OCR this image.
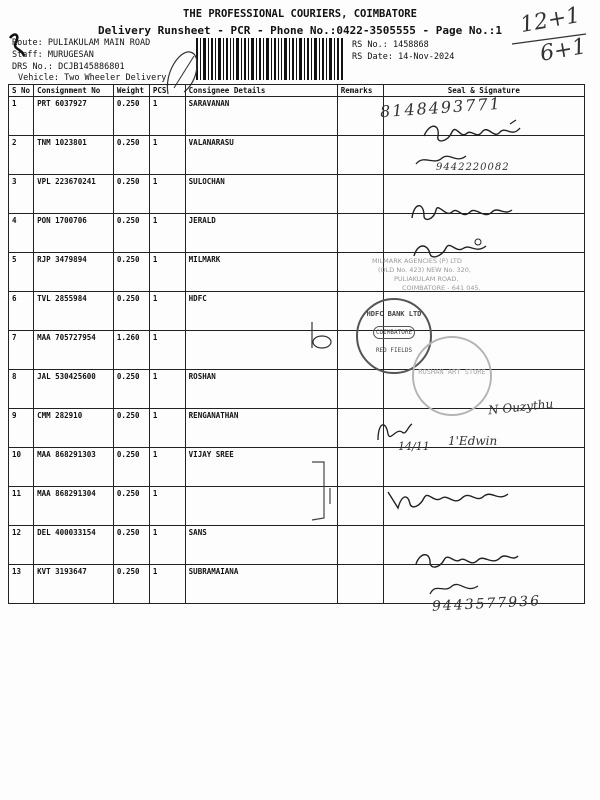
THE PROFESSIONAL COURIERS, COIMBATORE
Delivery Runsheet - PCR - Phone No.:0422-3505555 - Page No.:1
Route: PULIAKULAM MAIN ROAD
Staff: MURUGESAN
DRS No.: DCJB145886801
Vehicle: Two Wheeler Delivery
RS No.: 1458868
RS Date: 14-Nov-2024
12+1
6+1
S No	Consignment No	Weight	PCS	Consignee Details	Remarks	Seal & Signature
1	PRT 6037927	0.250	1	SARAVANAN		
2	TNM 1023801	0.250	1	VALANARASU		
3	VPL 223670241	0.250	1	SULOCHAN		
4	PON 1700706	0.250	1	JERALD		
5	RJP 3479894	0.250	1	MILMARK		
6	TVL 2855984	0.250	1	HDFC		
7	MAA 705727954	1.260	1			
8	JAL 530425600	0.250	1	ROSHAN		
9	CMM 282910	0.250	1	RENGANATHAN		
10	MAA 868291303	0.250	1	VIJAY SREE		
11	MAA 868291304	0.250	1			
12	DEL 400033154	0.250	1	SANS		
13	KVT 3193647	0.250	1	SUBRAMAIANA		
8148493771
9442220082
N Ouzythu
14/11 1'Edwin
9443577936
MILMARK AGENCIES (P) LTD
(OLD No. 423) NEW No. 320,
PULIAKULAM ROAD,
COIMBATORE - 641 045.
HDFC BANK LTD
COIMBATORE
RED FIELDS
ROSHAN ART STORE
